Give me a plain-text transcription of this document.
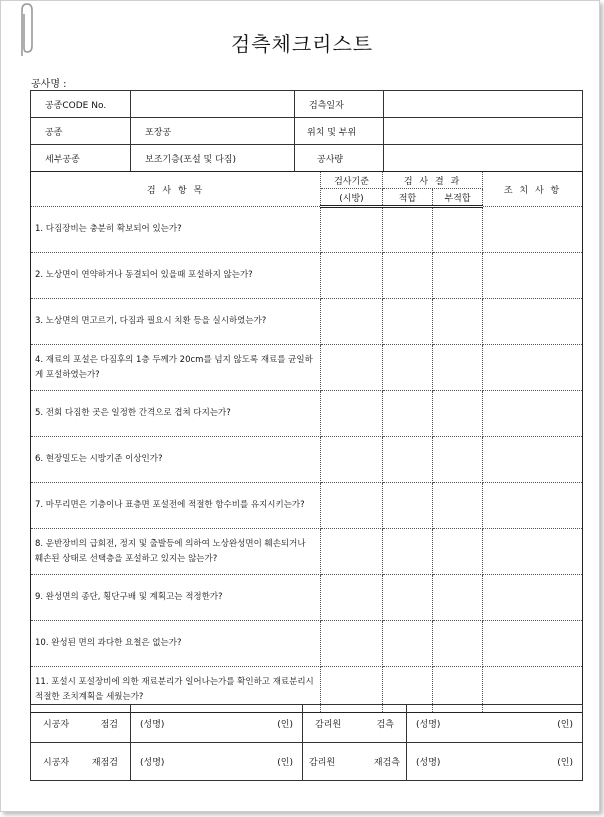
검측체크리스트
공사명 :
공종CODE No.		검측일자	
공종	포장공	위치 및 부위	
세부공종	보조기층(포설 및 다짐)	공사량	
검 사 항 목	검사기준	검 사 결 과		조 치 사 항
	(시방)	적합	부적합	
1. 다짐장비는 충분히 확보되어 있는가?				
2. 노상면이 연약하거나 동결되어 있을때 포설하지 않는가?				
3. 노상면의 면고르기, 다짐과 필요시 치환 등을 실시하였는가?				
4. 재료의 포설은 다짐후의 1층 두께가 20cm를 넘지 않도록 재료를 균일하게 포설하였는가?				
5. 전회 다짐한 곳은 일정한 간격으로 겹쳐 다지는가?				
6. 현장밀도는 시방기준 이상인가?				
7. 마무리면은 기층이나 표층면 포설전에 적절한 함수비를 유지시키는가?				
8. 운반장비의 급회전, 정지 및 출발등에 의하여 노상완성면이 훼손되거나 훼손된 상태로 선택층을 포설하고 있지는 않는가?				
9. 완성면의 종단, 횡단구배 및 계획고는 적정한가?				
10. 완성된 면의 과다한 요철은 없는가?				
11. 포설시 포설장비에 의한 재료분리가 일어나는가를 확인하고 재료분리시 적절한 조치계획을 세웠는가?				
시공자 점검	(성명) (인)	감리원 검측	(성명) (인)

시공자 재점검	(성명) (인)	감리원 재검측	(성명) (인)
